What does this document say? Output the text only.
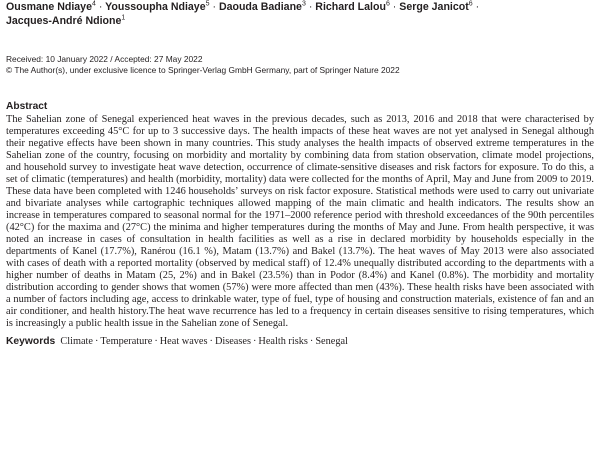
Ousmane Ndiaye$^4$ · Youssoupha Ndiaye$^5$ · Daouda Badiane$^3$ · Richard Lalou$^6$ · Serge Janicot$^6$ ·
Jacques-André Ndione$^1$
Received: 10 January 2022 / Accepted: 27 May 2022
© The Author(s), under exclusive licence to Springer-Verlag GmbH Germany, part of Springer Nature 2022
Abstract
The Sahelian zone of Senegal experienced heat waves in the previous decades, such as 2013, 2016 and 2018 that were characterised by temperatures exceeding 45°C for up to 3 successive days. The health impacts of these heat waves are not yet analysed in Senegal although their negative effects have been shown in many countries. This study analyses the health impacts of observed extreme temperatures in the Sahelian zone of the country, focusing on morbidity and mortality by combining data from station observation, climate model projections, and household survey to investigate heat wave detection, occurrence of climate-sensitive diseases and risk factors for exposure. To do this, a set of climatic (temperatures) and health (morbidity, mortality) data were collected for the months of April, May and June from 2009 to 2019. These data have been completed with 1246 households’ surveys on risk factor exposure. Statistical methods were used to carry out univariate and bivariate analyses while cartographic techniques allowed mapping of the main climatic and health indicators. The results show an increase in temperatures compared to seasonal normal for the 1971–2000 reference period with threshold exceedances of the 90th percentiles (42°C) for the maxima and (27°C) the minima and higher temperatures during the months of May and June. From health perspective, it was noted an increase in cases of consultation in health facilities as well as a rise in declared morbidity by households especially in the departments of Kanel (17.7%), Ranérou (16.1 %), Matam (13.7%) and Bakel (13.7%). The heat waves of May 2013 were also associated with cases of death with a reported mortality (observed by medical staff) of 12.4% unequally distributed according to the departments with a higher number of deaths in Matam (25, 2%) and in Bakel (23.5%) than in Podor (8.4%) and Kanel (0.8%). The morbidity and mortality distribution according to gender shows that women (57%) were more affected than men (43%). These health risks have been associated with a number of factors including age, access to drinkable water, type of fuel, type of housing and construction materials, existence of fan and an air conditioner, and health history.The heat wave recurrence has led to a frequency in certain diseases sensitive to rising temperatures, which is increasingly a public health issue in the Sahelian zone of Senegal.
Keywords Climate · Temperature · Heat waves · Diseases · Health risks · Senegal
